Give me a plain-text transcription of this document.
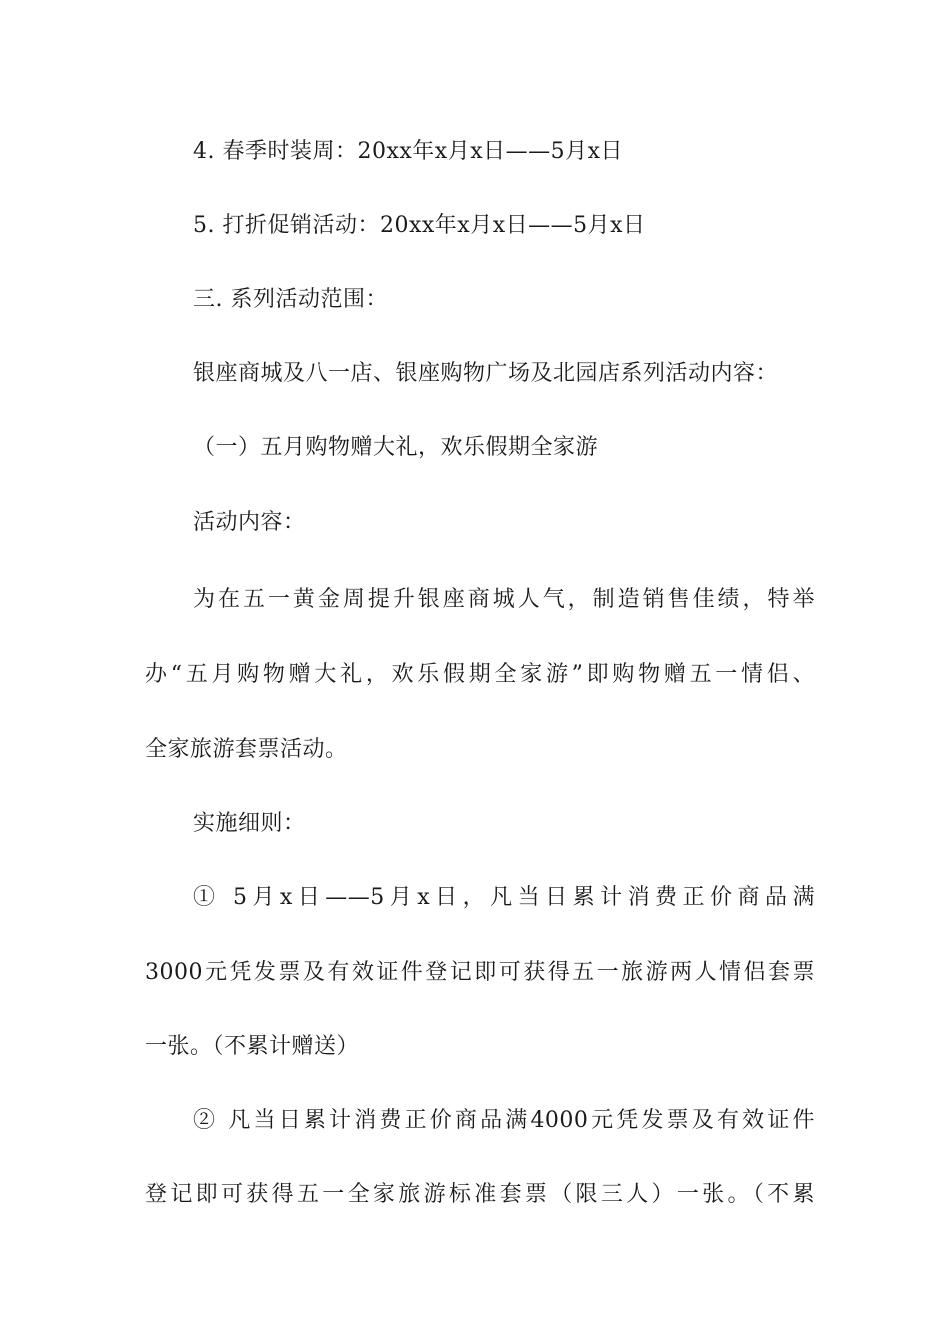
4. 春季时装周：20xx年x月x日——5月x日

5. 打折促销活动：20xx年x月x日——5月x日

三. 系列活动范围：

银座商城及八一店、银座购物广场及北园店系列活动内容：

（一）五月购物赠大礼，欢乐假期全家游

活动内容：

为在五一黄金周提升银座商城人气，制造销售佳绩，特举

办“五月购物赠大礼，欢乐假期全家游”即购物赠五一情侣、

全家旅游套票活动。

实施细则：

① 5月x日——5月x日，凡当日累计消费正价商品满

3000元凭发票及有效证件登记即可获得五一旅游两人情侣套票

一张。（不累计赠送）

② 凡当日累计消费正价商品满4000元凭发票及有效证件

登记即可获得五一全家旅游标准套票（限三人）一张。（不累
